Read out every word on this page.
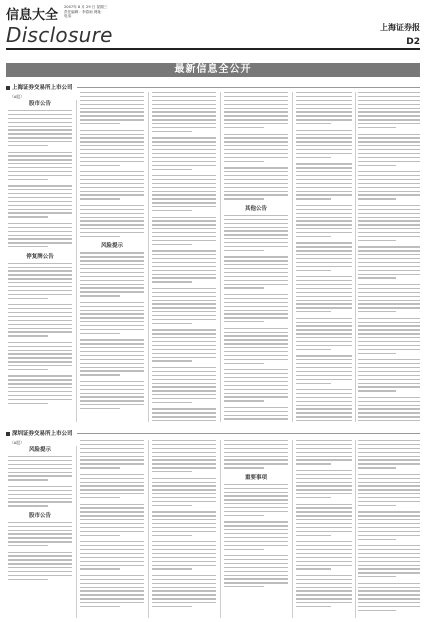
信息大全
2007年 8 月 29 日 星期三
责任编辑：李春雨 网址：
电话：
Disclosure	上海证券报
D2
最新信息全公开
上海证券交易所上市公司
（A股）
股市公告
停复牌公告
风险提示
其他公告
深圳证券交易所上市公司
（A股）
风险提示
股市公告
重要事项
